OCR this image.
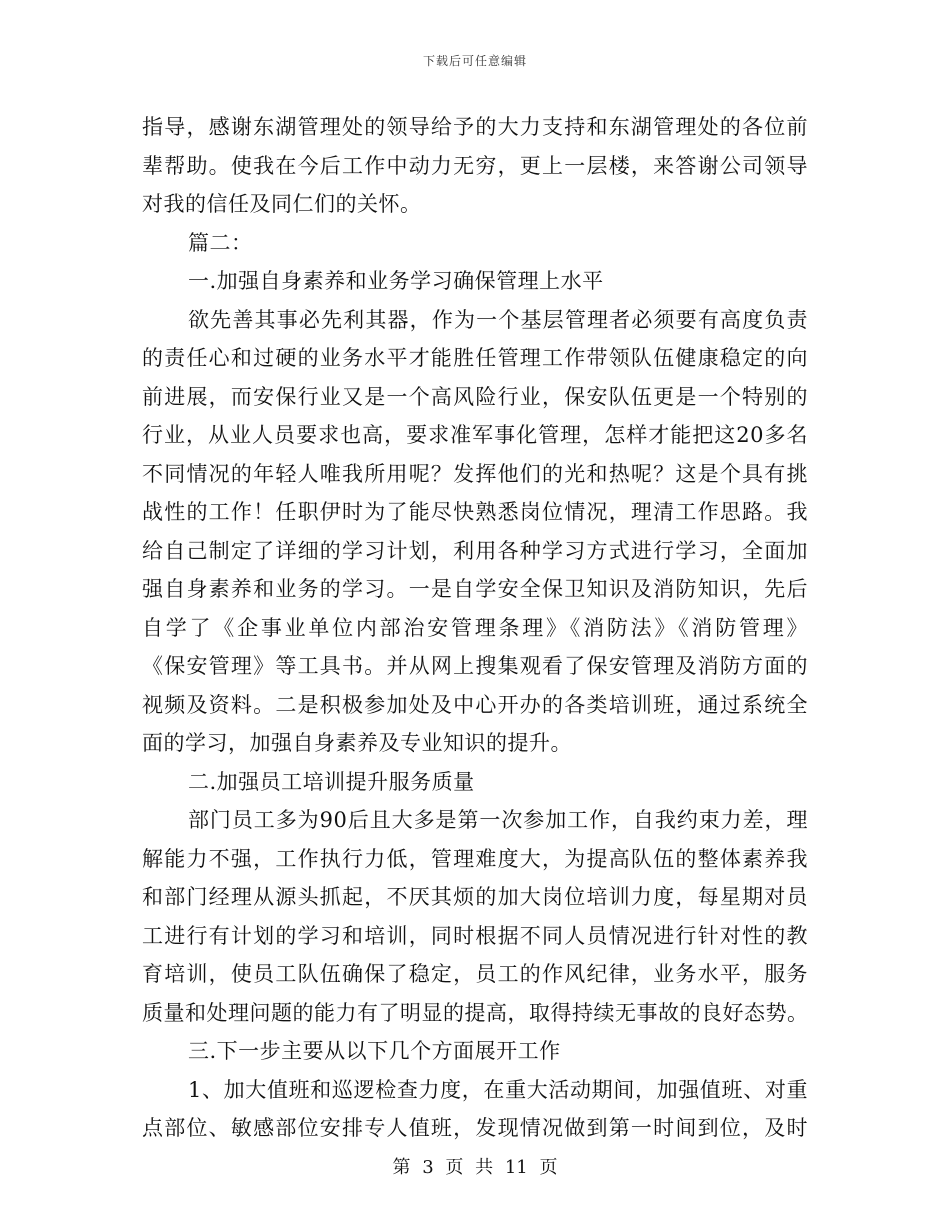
下载后可任意编辑
指导，感谢东湖管理处的领导给予的大力支持和东湖管理处的各位前
辈帮助。使我在今后工作中动力无穷，更上一层楼，来答谢公司领导
对我的信任及同仁们的关怀。
篇二：
一.加强自身素养和业务学习确保管理上水平
欲先善其事必先利其器，作为一个基层管理者必须要有高度负责
的责任心和过硬的业务水平才能胜任管理工作带领队伍健康稳定的向
前进展，而安保行业又是一个高风险行业，保安队伍更是一个特别的
行业，从业人员要求也高，要求准军事化管理，怎样才能把这20多名
不同情况的年轻人唯我所用呢？发挥他们的光和热呢？这是个具有挑
战性的工作！任职伊时为了能尽快熟悉岗位情况，理清工作思路。我
给自己制定了详细的学习计划，利用各种学习方式进行学习，全面加
强自身素养和业务的学习。一是自学安全保卫知识及消防知识，先后
自学了《企事业单位内部治安管理条理》《消防法》《消防管理》
《保安管理》等工具书。并从网上搜集观看了保安管理及消防方面的
视频及资料。二是积极参加处及中心开办的各类培训班，通过系统全
面的学习，加强自身素养及专业知识的提升。
二.加强员工培训提升服务质量
部门员工多为90后且大多是第一次参加工作，自我约束力差，理
解能力不强，工作执行力低，管理难度大，为提高队伍的整体素养我
和部门经理从源头抓起，不厌其烦的加大岗位培训力度，每星期对员
工进行有计划的学习和培训，同时根据不同人员情况进行针对性的教
育培训，使员工队伍确保了稳定，员工的作风纪律，业务水平，服务
质量和处理问题的能力有了明显的提高，取得持续无事故的良好态势。
三.下一步主要从以下几个方面展开工作
1、加大值班和巡逻检查力度，在重大活动期间，加强值班、对重
点部位、敏感部位安排专人值班，发现情况做到第一时间到位，及时
第 3 页 共 11 页
